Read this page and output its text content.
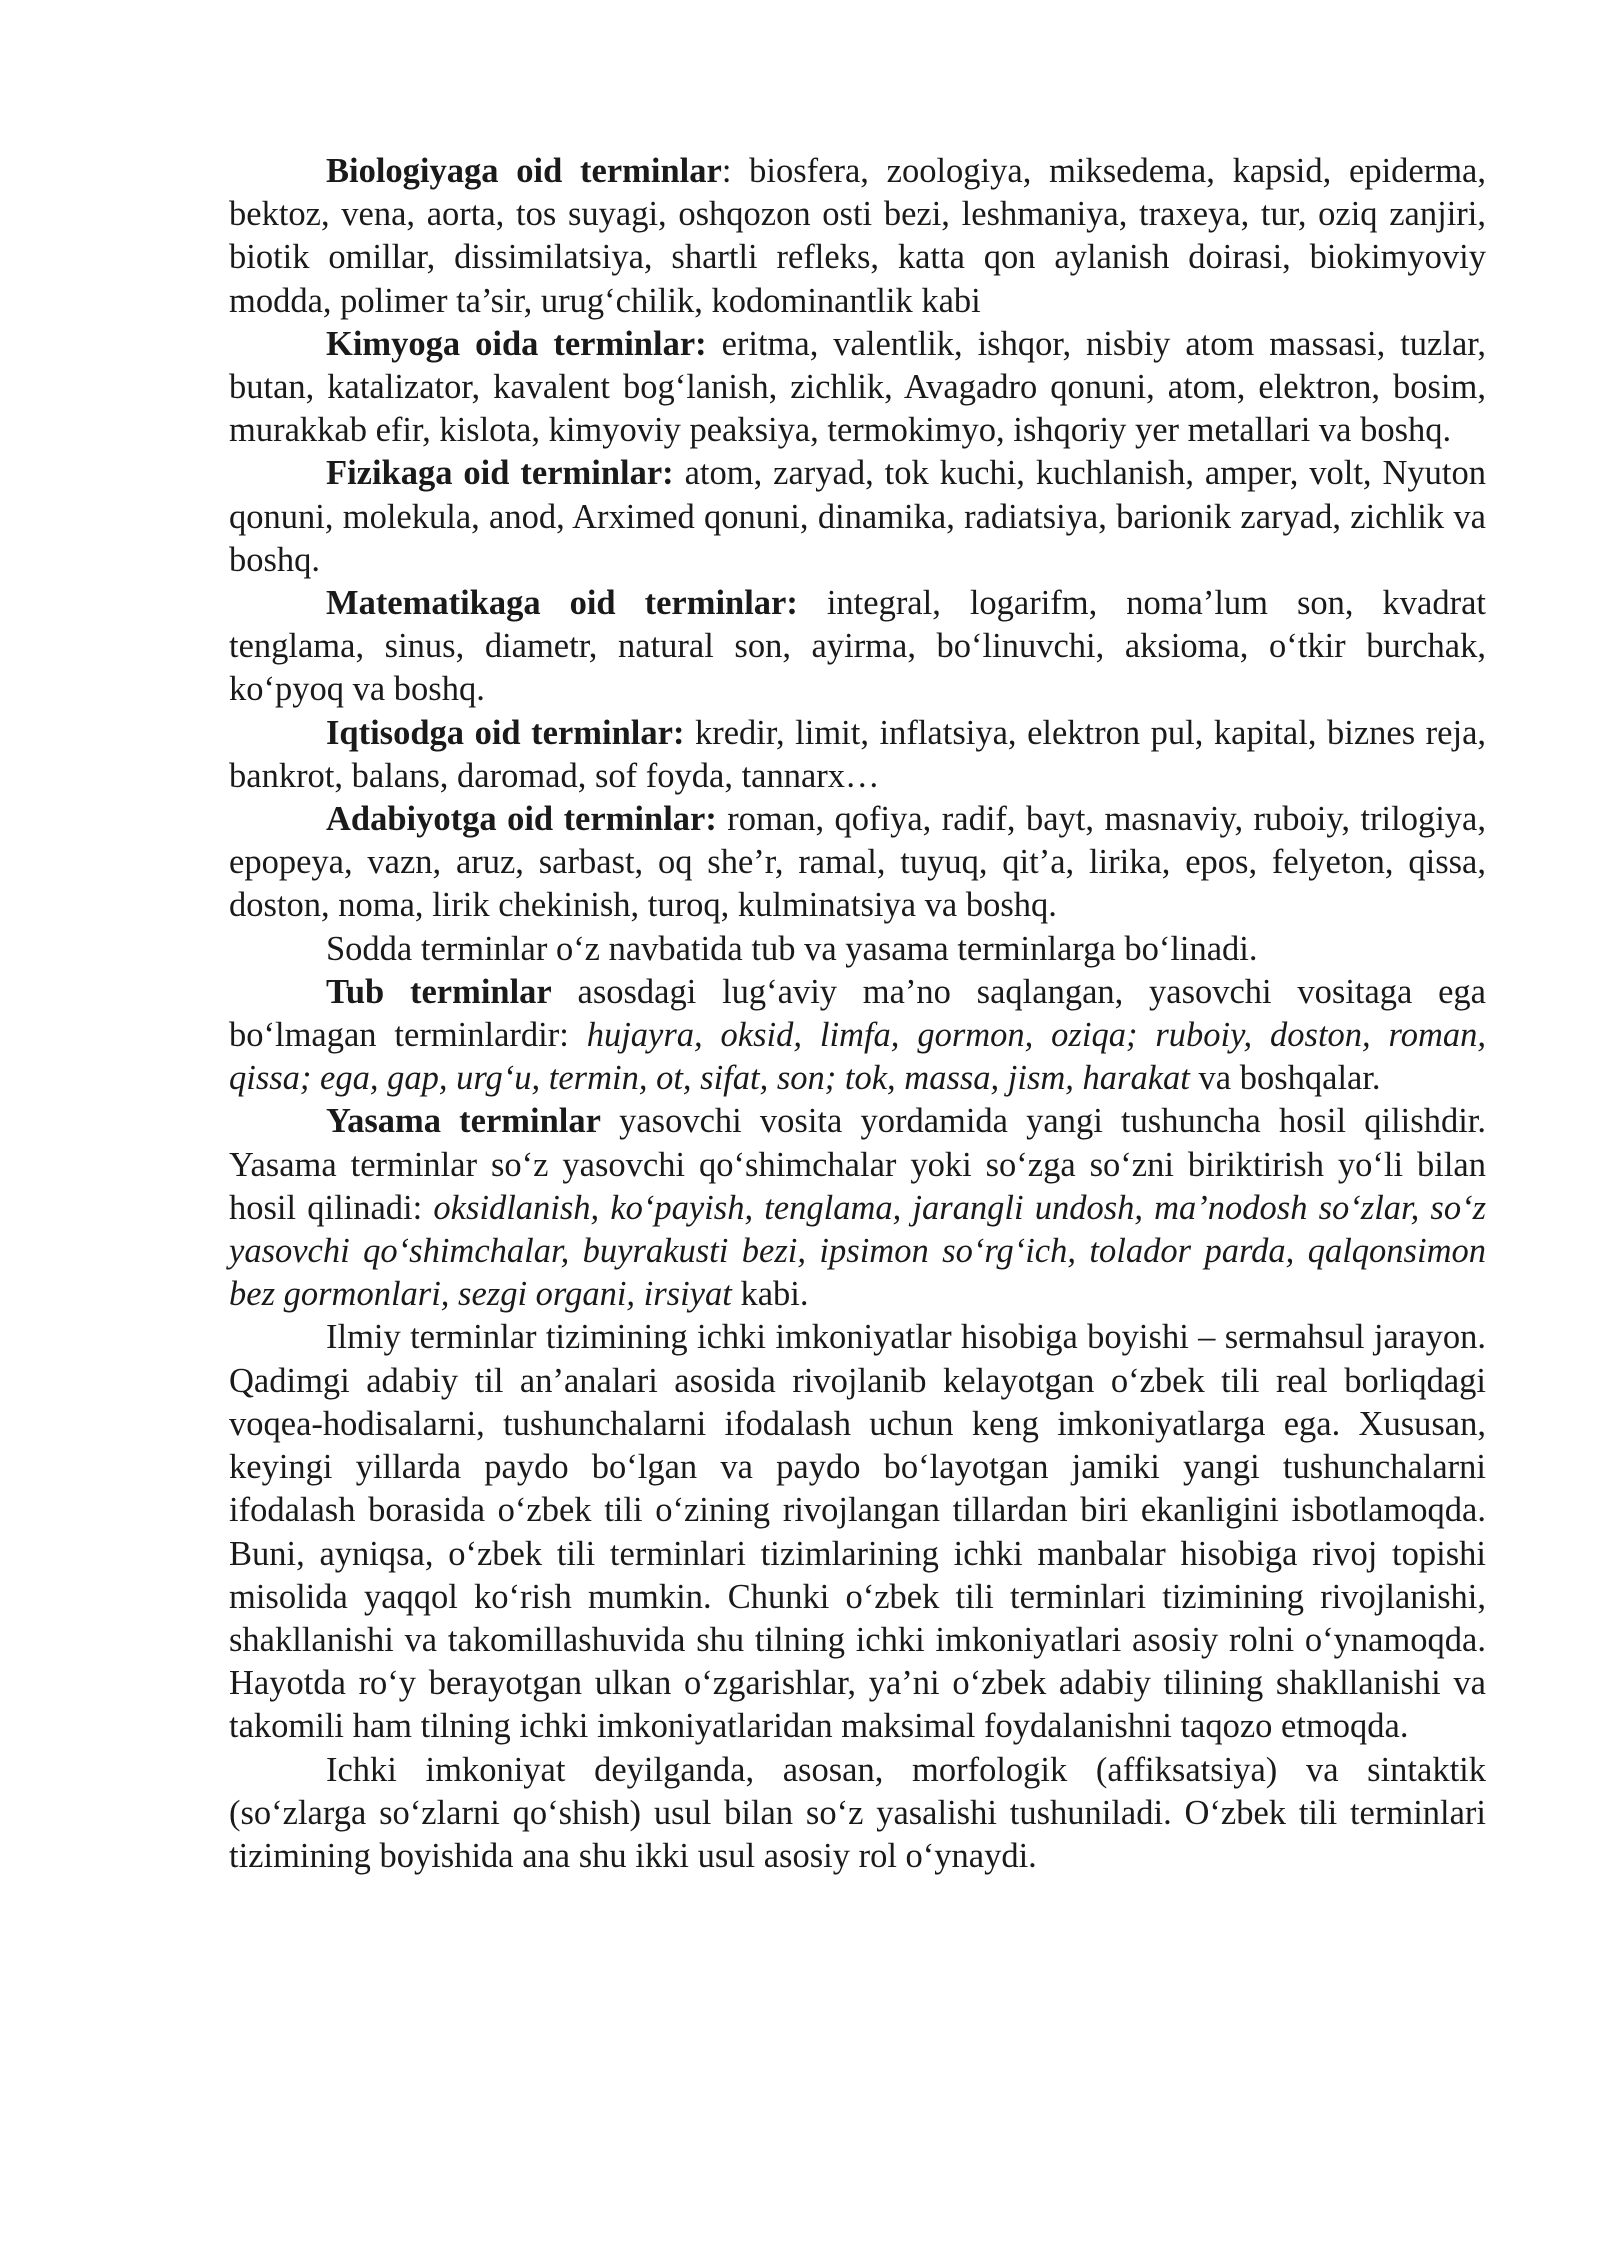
Biologiyaga oid terminlar: biosfera, zoologiya, miksedema, kapsid, epiderma, bektoz, vena, aorta, tos suyagi, oshqozon osti bezi, leshmaniya, traxeya, tur, oziq zanjiri, biotik omillar, dissimilatsiya, shartli refleks, katta qon aylanish doirasi, biokimyoviy modda, polimer ta’sir, urugʻchilik, kodominantlik kabi

Kimyoga oida terminlar: eritma, valentlik, ishqor, nisbiy atom massasi, tuzlar, butan, katalizator, kavalent bogʻlanish, zichlik, Avagadro qonuni, atom, elektron, bosim, murakkab efir, kislota, kimyoviy peaksiya, termokimyo, ishqoriy yer metallari va boshq.

Fizikaga oid terminlar: atom, zaryad, tok kuchi, kuchlanish, amper, volt, Nyuton qonuni, molekula, anod, Arximed qonuni, dinamika, radiatsiya, barionik zaryad, zichlik va boshq.

Matematikaga oid terminlar: integral, logarifm, noma’lum son, kvadrat tenglama, sinus, diametr, natural son, ayirma, boʻlinuvchi, aksioma, oʻtkir burchak, koʻpyoq va boshq.

Iqtisodga oid terminlar: kredir, limit, inflatsiya, elektron pul, kapital, biznes reja, bankrot, balans, daromad, sof foyda, tannarx…

Adabiyotga oid terminlar: roman, qofiya, radif, bayt, masnaviy, ruboiy, trilogiya, epopeya, vazn, aruz, sarbast, oq she’r, ramal, tuyuq, qit’a, lirika, epos, felyeton, qissa, doston, noma, lirik chekinish, turoq, kulminatsiya va boshq.

Sodda terminlar oʻz navbatida tub va yasama terminlarga boʻlinadi.

Tub terminlar asosdagi lugʻaviy ma’no saqlangan, yasovchi vositaga ega boʻlmagan terminlardir: hujayra, oksid, limfa, gormon, oziqa; ruboiy, doston, roman, qissa; ega, gap, urgʻu, termin, ot, sifat, son; tok, massa, jism, harakat va boshqalar.

Yasama terminlar yasovchi vosita yordamida yangi tushuncha hosil qilishdir. Yasama terminlar soʻz yasovchi qoʻshimchalar yoki soʻzga soʻzni biriktirish yoʻli bilan hosil qilinadi: oksidlanish, koʻpayish, tenglama, jarangli undosh, ma’nodosh soʻzlar, soʻz yasovchi qoʻshimchalar, buyrakusti bezi, ipsimon soʻrgʻich, tolador parda, qalqonsimon bez gormonlari, sezgi organi, irsiyat kabi.

Ilmiy terminlar tizimining ichki imkoniyatlar hisobiga boyishi – sermahsul jarayon. Qadimgi adabiy til an’analari asosida rivojlanib kelayotgan oʻzbek tili real borliqdagi voqea-hodisalarni, tushunchalarni ifodalash uchun keng imkoniyatlarga ega. Xususan, keyingi yillarda paydo boʻlgan va paydo boʻlayotgan jamiki yangi tushunchalarni ifodalash borasida oʻzbek tili oʻzining rivojlangan tillardan biri ekanligini isbotlamoqda. Buni, ayniqsa, oʻzbek tili terminlari tizimlarining ichki manbalar hisobiga rivoj topishi misolida yaqqol koʻrish mumkin. Chunki oʻzbek tili terminlari tizimining rivojlanishi, shakllanishi va takomillashuvida shu tilning ichki imkoniyatlari asosiy rolni oʻynamoqda. Hayotda roʻy berayotgan ulkan oʻzgarishlar, ya’ni oʻzbek adabiy tilining shakllanishi va takomili ham tilning ichki imkoniyatlaridan maksimal foydalanishni taqozo etmoqda.

Ichki imkoniyat deyilganda, asosan, morfologik (affiksatsiya) va sintaktik (soʻzlarga soʻzlarni qoʻshish) usul bilan soʻz yasalishi tushuniladi. Oʻzbek tili terminlari tizimining boyishida ana shu ikki usul asosiy rol oʻynaydi.
